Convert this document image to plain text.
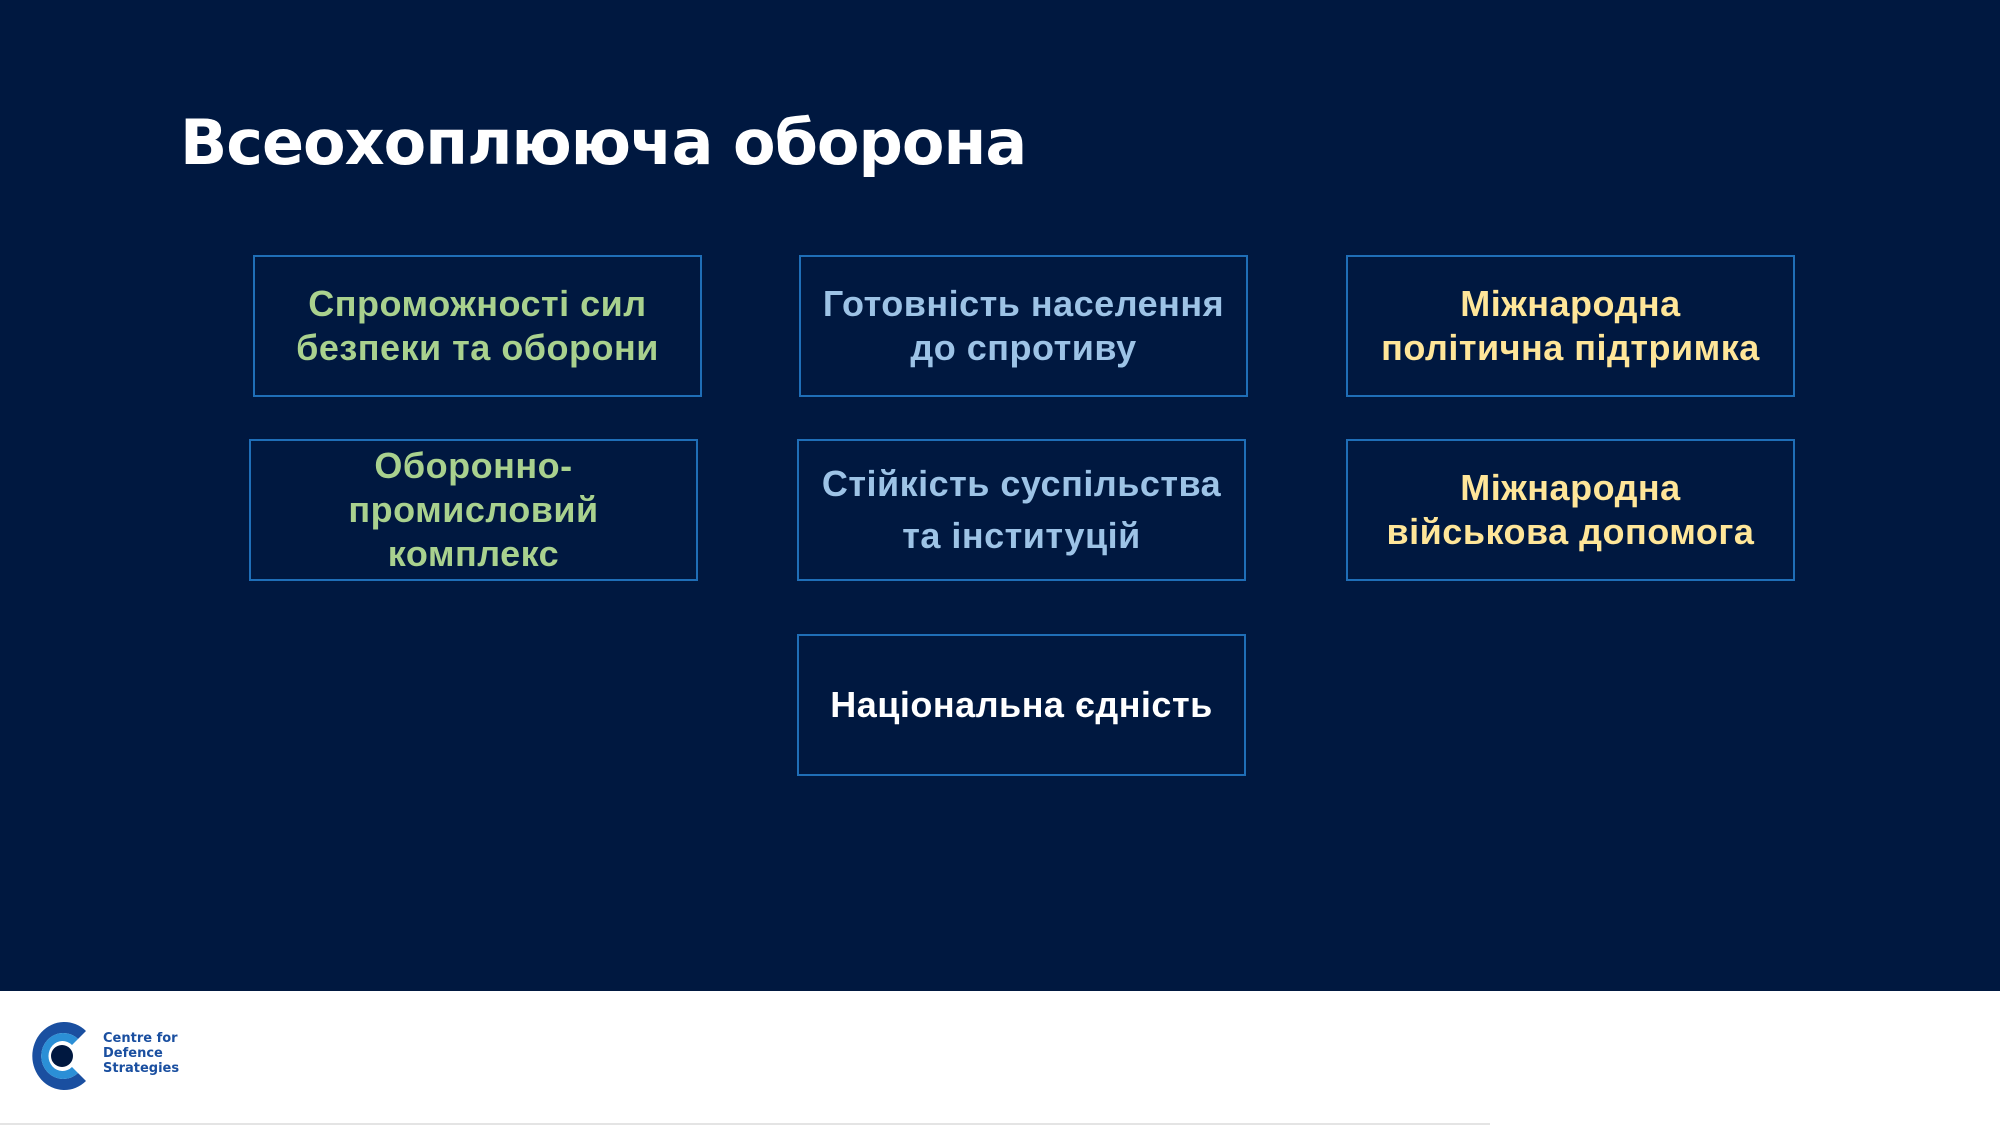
Всеохоплююча оборона
Спроможності сил
безпеки та оборони
Готовність населення
до спротиву
Міжнародна
політична підтримка
Оборонно-
промисловий
комплекс
Стійкість суспільства
та інституцій
Міжнародна
військова допомога
Національна єдність
Centre for
Defence
Strategies
